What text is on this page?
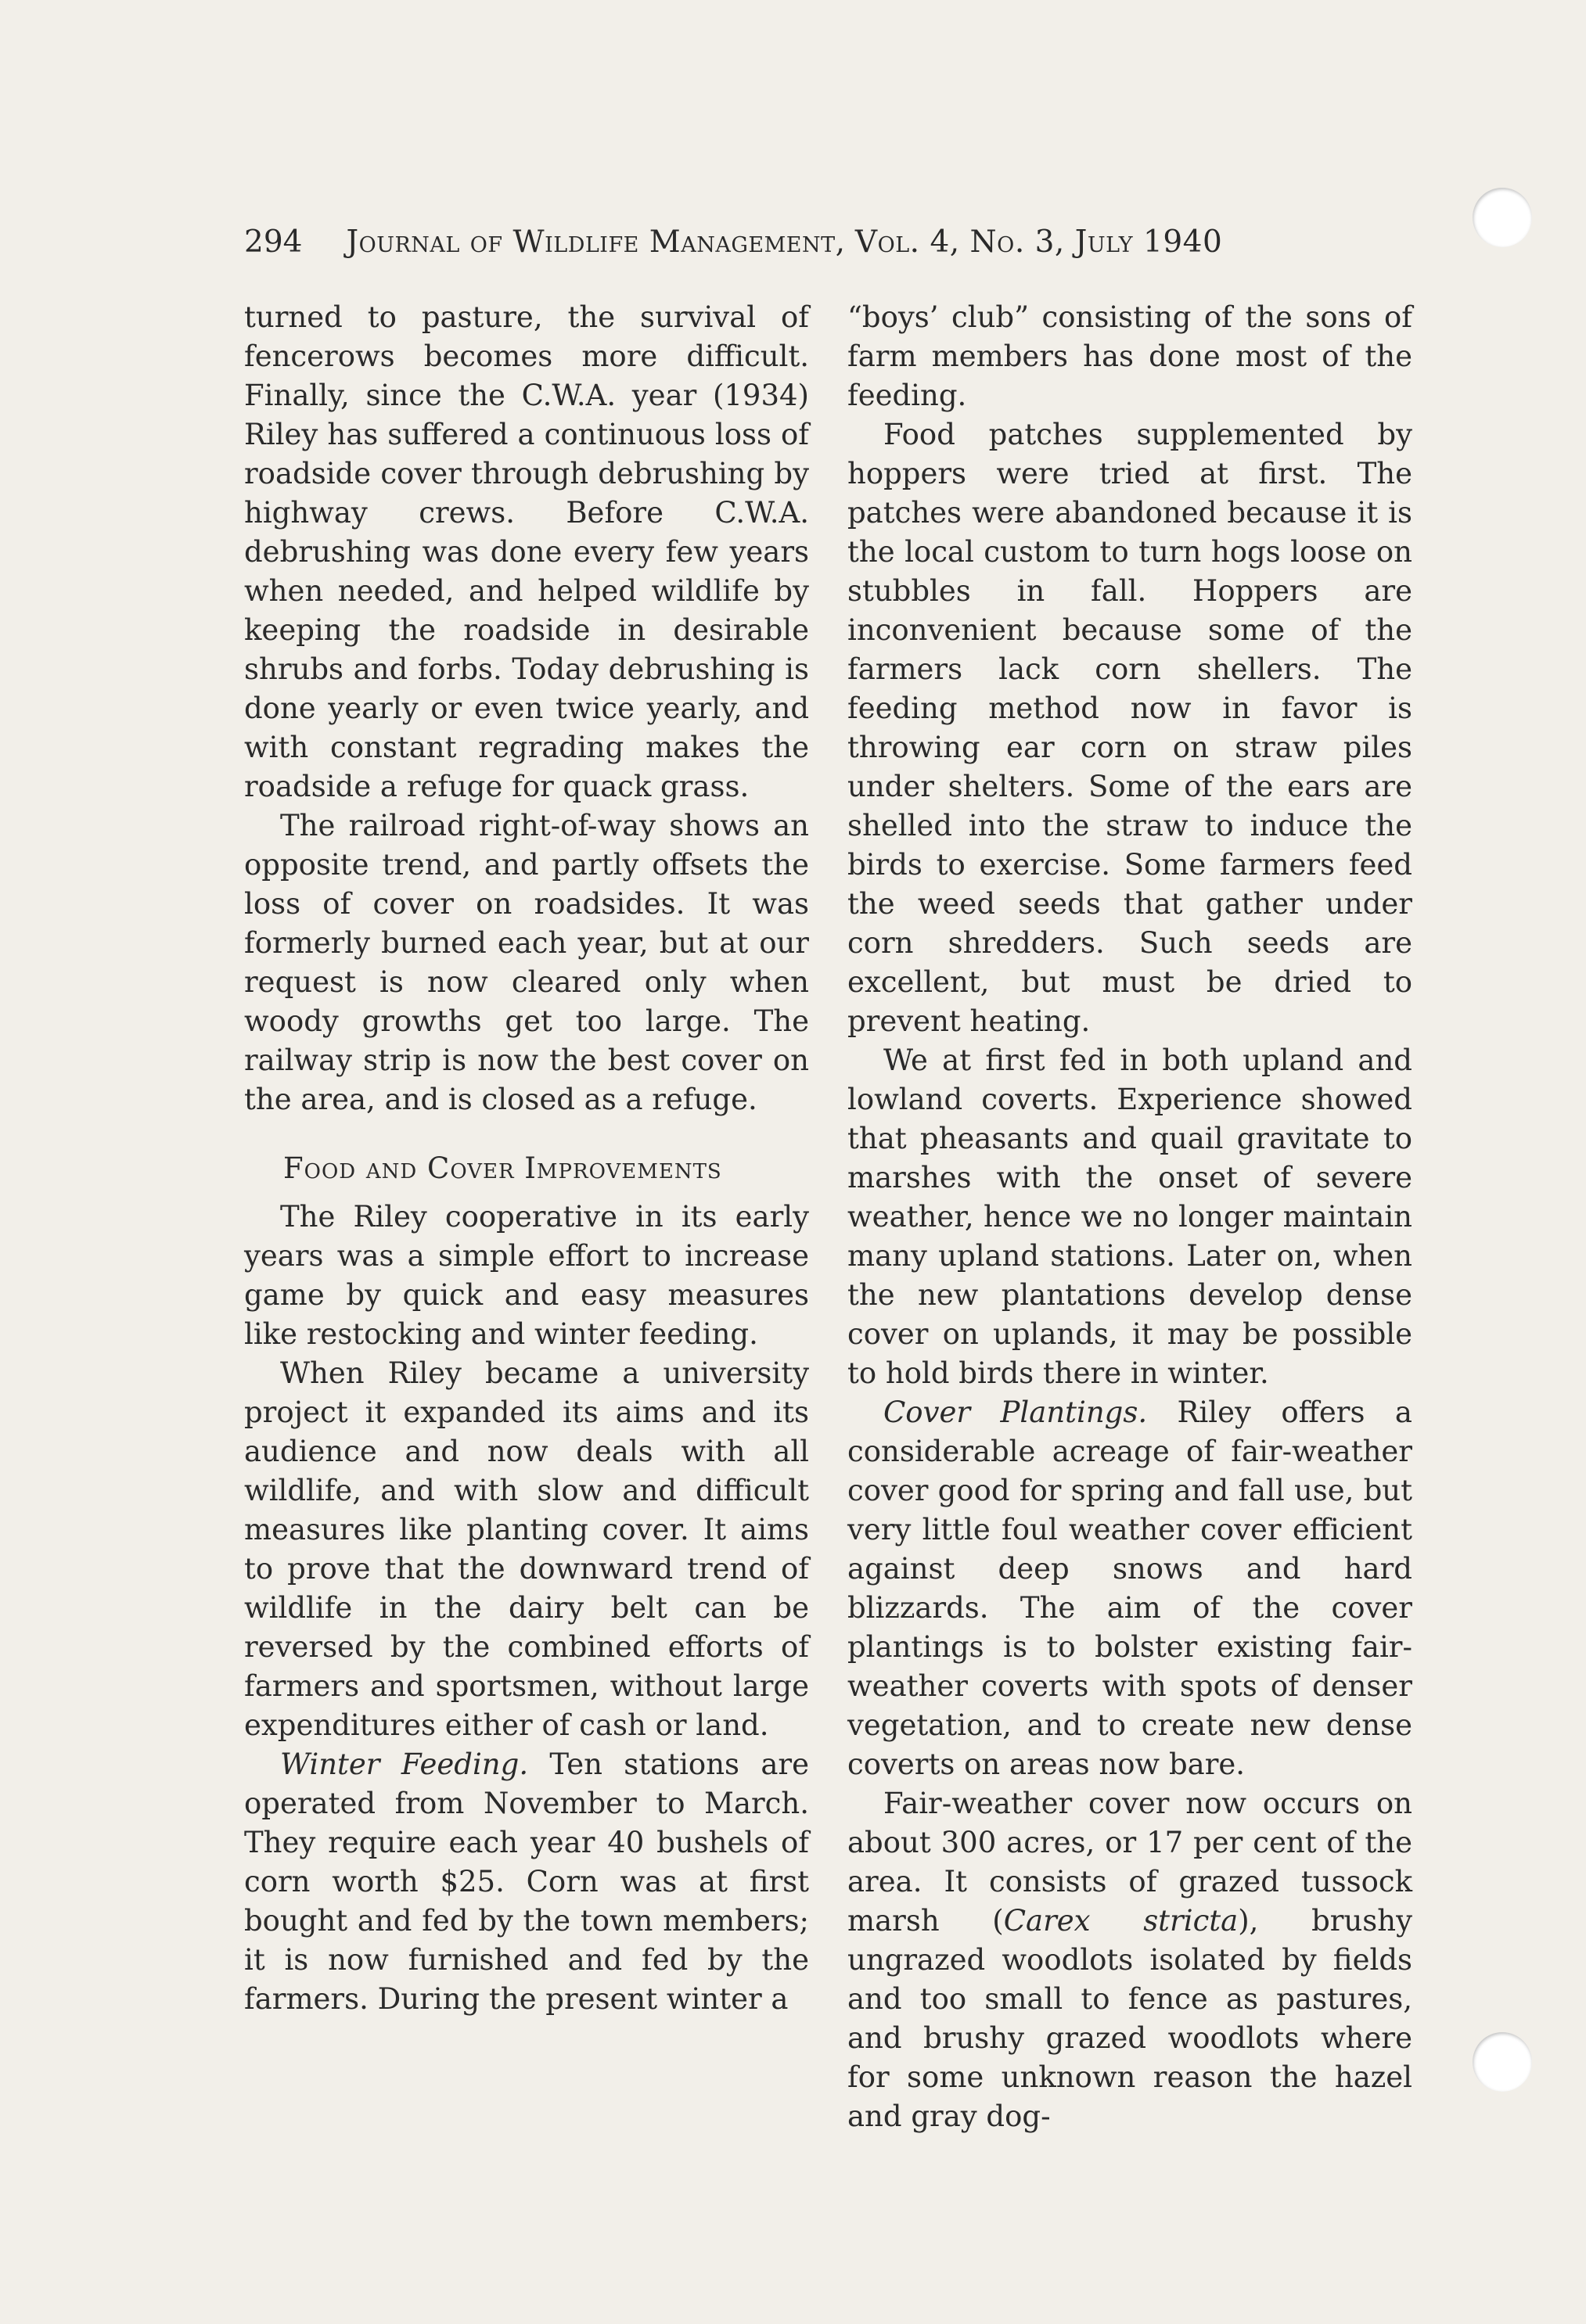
294 Journal of Wildlife Management, Vol. 4, No. 3, July 1940

turned to pasture, the survival of fencerows becomes more difficult. Finally, since the C.W.A. year (1934) Riley has suffered a continuous loss of roadside cover through debrushing by highway crews. Before C.W.A. debrushing was done every few years when needed, and helped wildlife by keeping the roadside in desirable shrubs and forbs. Today debrushing is done yearly or even twice yearly, and with constant regrading makes the roadside a refuge for quack grass.

The railroad right-of-way shows an opposite trend, and partly offsets the loss of cover on roadsides. It was formerly burned each year, but at our request is now cleared only when woody growths get too large. The railway strip is now the best cover on the area, and is closed as a refuge.

Food and Cover Improvements

The Riley cooperative in its early years was a simple effort to increase game by quick and easy measures like restocking and winter feeding.

When Riley became a university project it expanded its aims and its audience and now deals with all wildlife, and with slow and difficult measures like planting cover. It aims to prove that the downward trend of wildlife in the dairy belt can be reversed by the combined efforts of farmers and sportsmen, without large expenditures either of cash or land.

Winter Feeding. Ten stations are operated from November to March. They require each year 40 bushels of corn worth $25. Corn was at first bought and fed by the town members; it is now furnished and fed by the farmers. During the present winter a

“boys’ club” consisting of the sons of farm members has done most of the feeding.

Food patches supplemented by hoppers were tried at first. The patches were abandoned because it is the local custom to turn hogs loose on stubbles in fall. Hoppers are inconvenient because some of the farmers lack corn shellers. The feeding method now in favor is throwing ear corn on straw piles under shelters. Some of the ears are shelled into the straw to induce the birds to exercise. Some farmers feed the weed seeds that gather under corn shredders. Such seeds are excellent, but must be dried to prevent heating.

We at first fed in both upland and lowland coverts. Experience showed that pheasants and quail gravitate to marshes with the onset of severe weather, hence we no longer maintain many upland stations. Later on, when the new plantations develop dense cover on uplands, it may be possible to hold birds there in winter.

Cover Plantings. Riley offers a considerable acreage of fair-weather cover good for spring and fall use, but very little foul weather cover efficient against deep snows and hard blizzards. The aim of the cover plantings is to bolster existing fair-weather coverts with spots of denser vegetation, and to create new dense coverts on areas now bare.

Fair-weather cover now occurs on about 300 acres, or 17 per cent of the area. It consists of grazed tussock marsh (Carex stricta), brushy ungrazed woodlots isolated by fields and too small to fence as pastures, and brushy grazed woodlots where for some unknown reason the hazel and gray dog-
